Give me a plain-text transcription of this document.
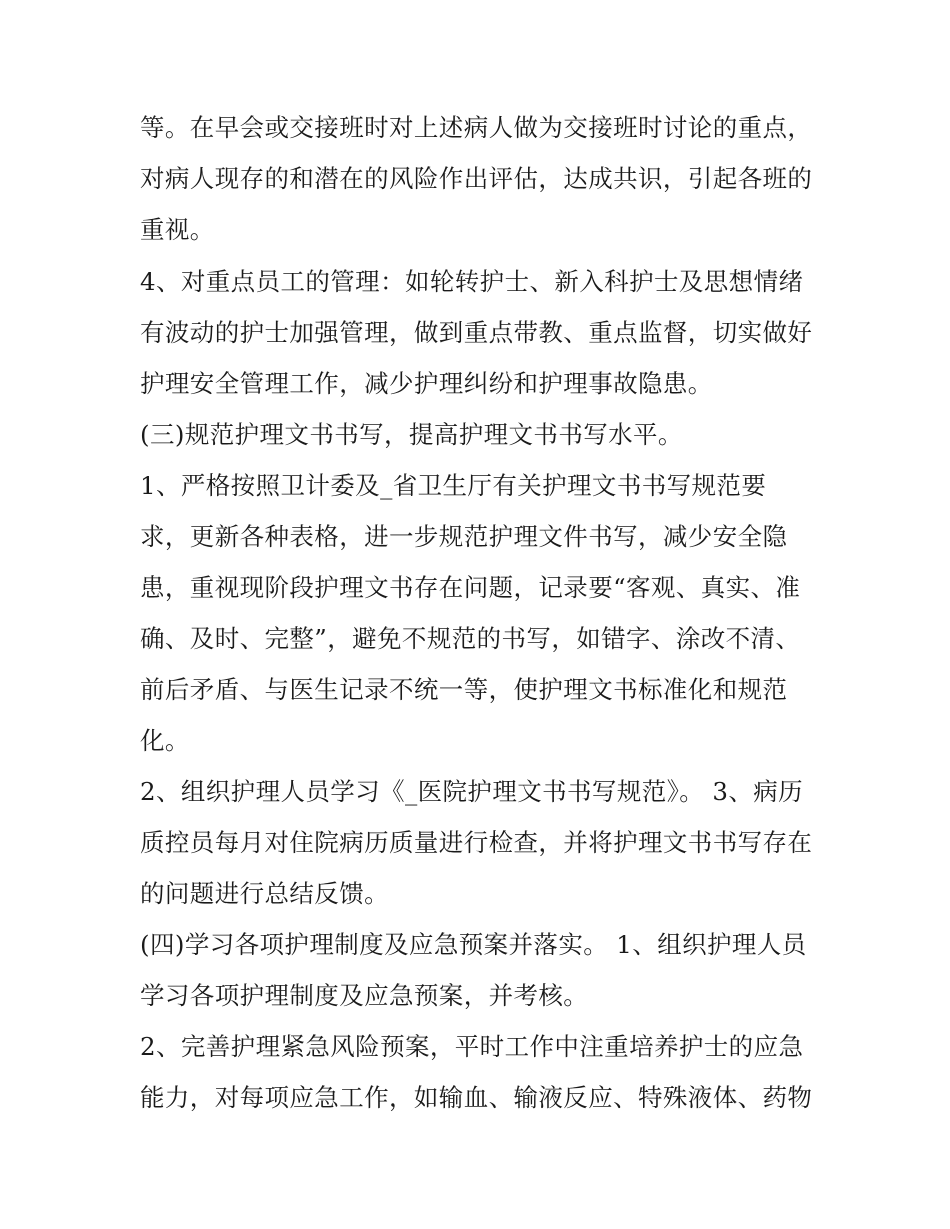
等。在早会或交接班时对上述病人做为交接班时讨论的重点，
对病人现存的和潜在的风险作出评估，达成共识，引起各班的
重视。
4、对重点员工的管理：如轮转护士、新入科护士及思想情绪
有波动的护士加强管理，做到重点带教、重点监督，切实做好
护理安全管理工作，减少护理纠纷和护理事故隐患。
(三)规范护理文书书写，提高护理文书书写水平。
1、严格按照卫计委及_省卫生厅有关护理文书书写规范要
求，更新各种表格，进一步规范护理文件书写，减少安全隐
患，重视现阶段护理文书存在问题，记录要“客观、真实、准
确、及时、完整”，避免不规范的书写，如错字、涂改不清、
前后矛盾、与医生记录不统一等，使护理文书标准化和规范
化。
2、组织护理人员学习《_医院护理文书书写规范》。 3、病历
质控员每月对住院病历质量进行检查，并将护理文书书写存在
的问题进行总结反馈。
(四)学习各项护理制度及应急预案并落实。 1、组织护理人员
学习各项护理制度及应急预案，并考核。
2、完善护理紧急风险预案，平时工作中注重培养护士的应急
能力，对每项应急工作，如输血、输液反应、特殊液体、药物
